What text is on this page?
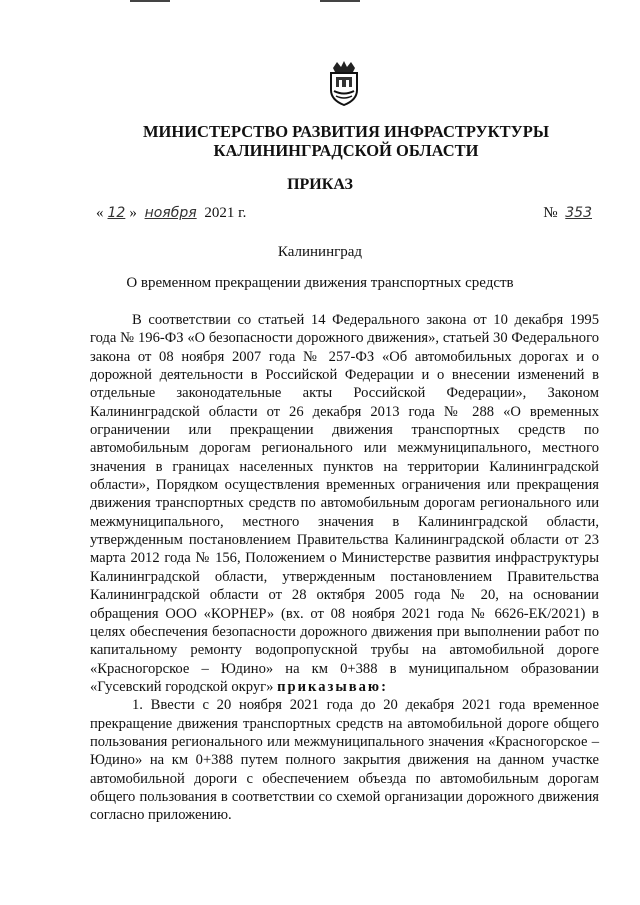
МИНИСТЕРСТВО РАЗВИТИЯ ИНФРАСТРУКТУРЫ
КАЛИНИНГРАДСКОЙ ОБЛАСТИ
ПРИКАЗ
« 12 » ноября 2021 г.	№ 353
Калининград
О временном прекращении движения транспортных средств

В соответствии со статьей 14 Федерального закона от 10 декабря 1995 года № 196-ФЗ «О безопасности дорожного движения», статьей 30 Федерального закона от 08 ноября 2007 года № 257-ФЗ «Об автомобильных дорогах и о дорожной деятельности в Российской Федерации и о внесении изменений в отдельные законодательные акты Российской Федерации», Законом Калининградской области от 26 декабря 2013 года № 288 «О временных ограничении или прекращении движения транспортных средств по автомобильным дорогам регионального или межмуниципального, местного значения в границах населенных пунктов на территории Калининградской области», Порядком осуществления временных ограничения или прекращения движения транспортных средств по автомобильным дорогам регионального или межмуниципального, местного значения в Калининградской области, утвержденным постановлением Правительства Калининградской области от 23 марта 2012 года № 156, Положением о Министерстве развития инфраструктуры Калининградской области, утвержденным постановлением Правительства Калининградской области от 28 октября 2005 года № 20, на основании обращения ООО «КОРНЕР» (вх. от 08 ноября 2021 года № 6626-ЕК/2021) в целях обеспечения безопасности дорожного движения при выполнении работ по капитальному ремонту водопропускной трубы на автомобильной дороге «Красногорское – Юдино» на км 0+388 в муниципальном образовании «Гусевский городской округ» приказываю:

1. Ввести с 20 ноября 2021 года до 20 декабря 2021 года временное прекращение движения транспортных средств на автомобильной дороге общего пользования регионального или межмуниципального значения «Красногорское – Юдино» на км 0+388 путем полного закрытия движения на данном участке автомобильной дороги с обеспечением объезда по автомобильным дорогам общего пользования в соответствии со схемой организации дорожного движения согласно приложению.
